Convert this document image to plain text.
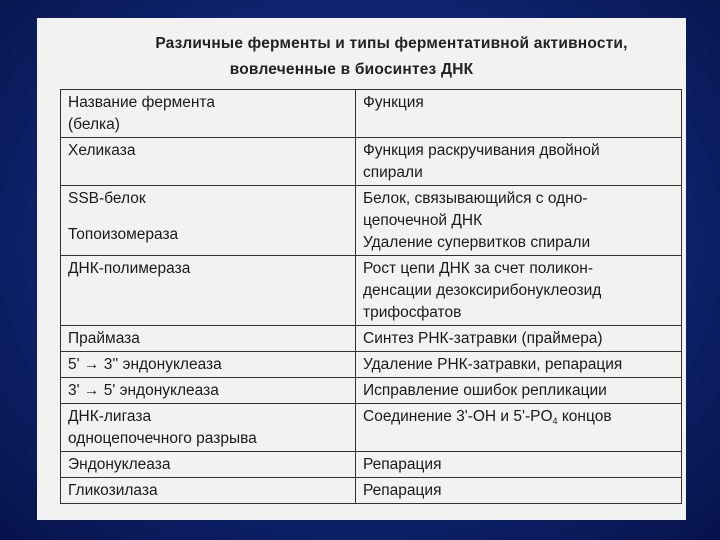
Различные ферменты и типы ферментативной активности,
вовлеченные в биосинтез ДНК
Название фермента
(белка)	Функция

Хеликаза	Функция раскручивания двойной
спирали

SSB-белок
Топоизомераза	Белок, связывающийся с одно-
цепочечной ДНК
Удаление супервитков спирали

ДНК-полимераза	Рост цепи ДНК за счет поликон-
денсации дезоксирибонуклеозид
трифосфатов

Праймаза	Синтез РНК-затравки (праймера)

5' → 3'' эндонуклеаза	Удаление РНК-затравки, репарация

3' → 5' эндонуклеаза	Исправление ошибок репликации

ДНК-лигаза
одноцепочечного разрыва	Соединение 3'-OH и $5'-PO_4$ концов

Эндонуклеаза	Репарация

Гликозилаза	Репарация
